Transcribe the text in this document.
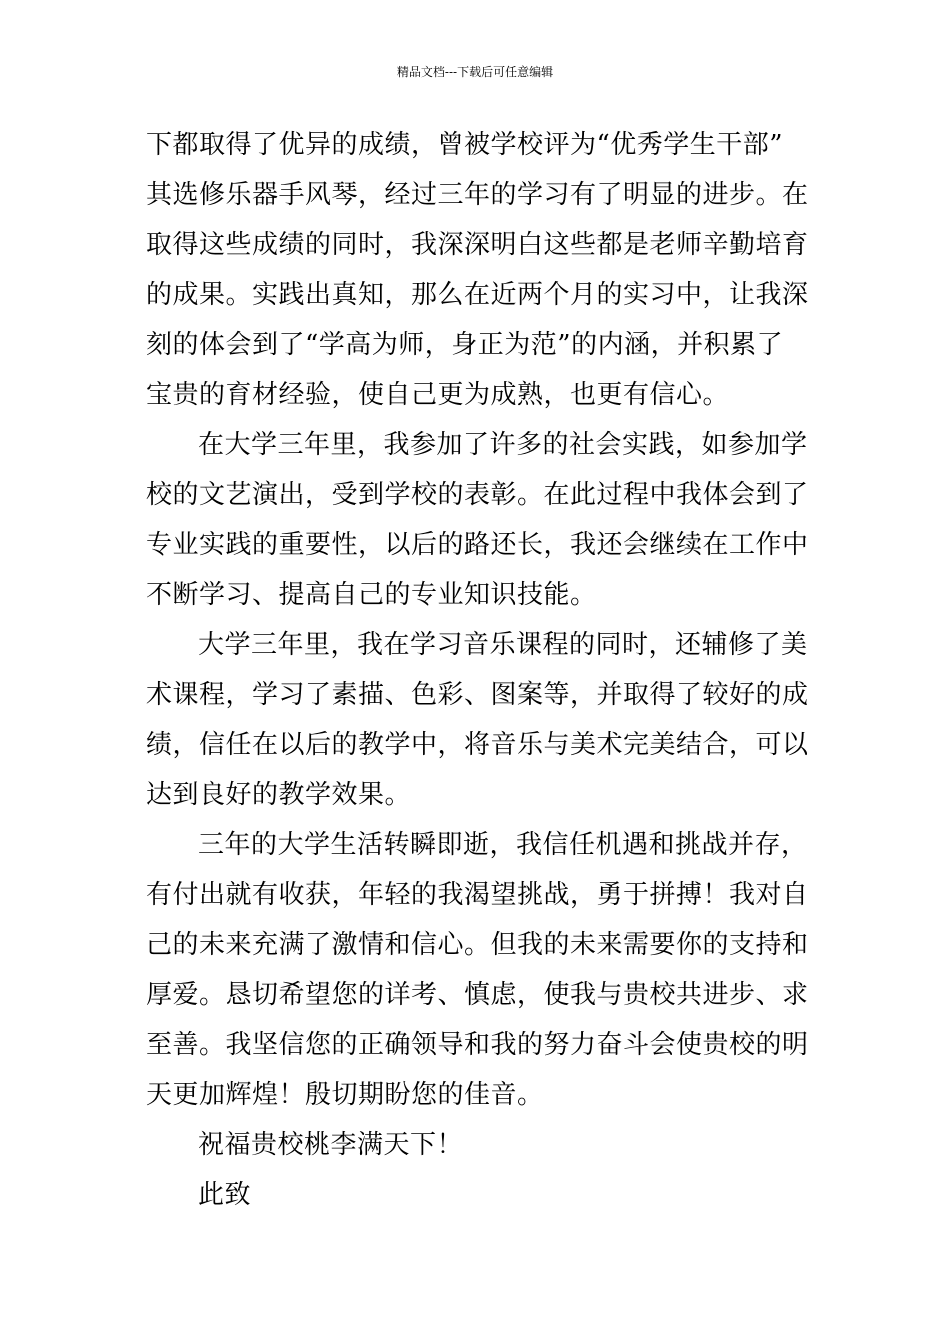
精品文档---下载后可任意编辑
下都取得了优异的成绩，曾被学校评为“优秀学生干部”
其选修乐器手风琴，经过三年的学习有了明显的进步。在
取得这些成绩的同时，我深深明白这些都是老师辛勤培育
的成果。实践出真知，那么在近两个月的实习中，让我深
刻的体会到了“学高为师，身正为范”的内涵，并积累了
宝贵的育材经验，使自己更为成熟，也更有信心。
在大学三年里，我参加了许多的社会实践，如参加学
校的文艺演出，受到学校的表彰。在此过程中我体会到了
专业实践的重要性，以后的路还长，我还会继续在工作中
不断学习、提高自己的专业知识技能。
大学三年里，我在学习音乐课程的同时，还辅修了美
术课程，学习了素描、色彩、图案等，并取得了较好的成
绩，信任在以后的教学中，将音乐与美术完美结合，可以
达到良好的教学效果。
三年的大学生活转瞬即逝，我信任机遇和挑战并存，
有付出就有收获，年轻的我渴望挑战，勇于拼搏！我对自
己的未来充满了激情和信心。但我的未来需要你的支持和
厚爱。恳切希望您的详考、慎虑，使我与贵校共进步、求
至善。我坚信您的正确领导和我的努力奋斗会使贵校的明
天更加辉煌！殷切期盼您的佳音。
祝福贵校桃李满天下！
此致
